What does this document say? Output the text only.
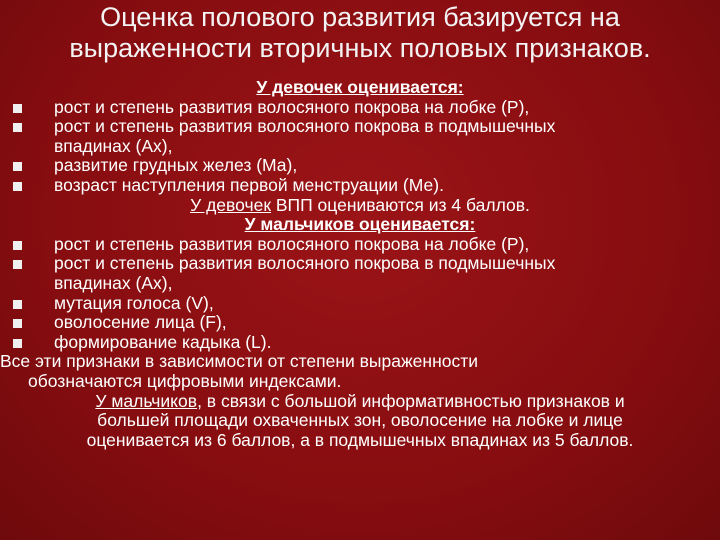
Оценка полового развития базируется на
выраженности вторичных половых признаков.
У девочек оценивается:
рост и степень развития волосяного покрова на лобке (Р),
рост и степень развития волосяного покрова в подмышечных
впадинах (Ах),
развитие грудных желез (Ма),
возраст наступления первой менструации (Ме).
У девочек ВПП оцениваются из 4 баллов.
У мальчиков оценивается:
рост и степень развития волосяного покрова на лобке (Р),
рост и степень развития волосяного покрова в подмышечных
впадинах (Ах),
мутация голоса (V),
оволосение лица (F),
формирование кадыка (L).
Все эти признаки в зависимости от степени выраженности
обозначаются цифровыми индексами.
У мальчиков, в связи с большой информативностью признаков и
большей площади охваченных зон, оволосение на лобке и лице
оценивается из 6 баллов, а в подмышечных впадинах из 5 баллов.
